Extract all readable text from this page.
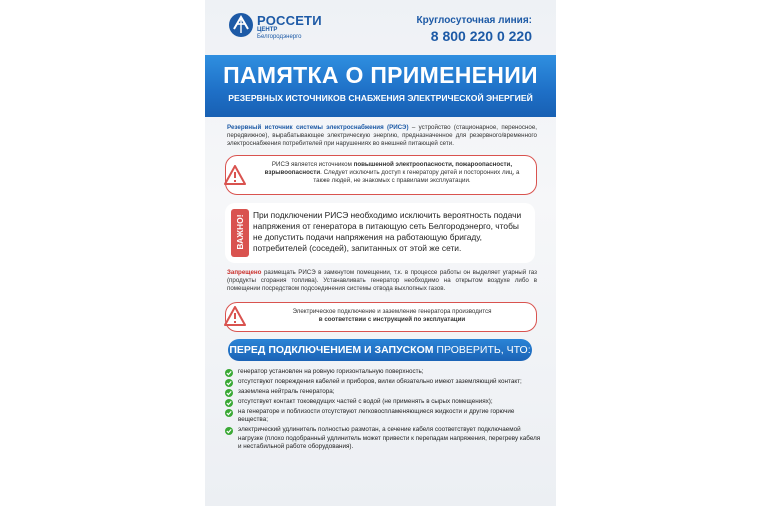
РОССЕТИ
ЦЕНТР
Белгородэнерго
Круглосуточная линия:
8 800 220 0 220
ПАМЯТКА О ПРИМЕНЕНИИ
РЕЗЕРВНЫХ ИСТОЧНИКОВ СНАБЖЕНИЯ ЭЛЕКТРИЧЕСКОЙ ЭНЕРГИЕЙ
Резервный источник системы электроснабжения (РИСЭ) – устройство (стационарное, переносное, передвижное), вырабатывающее электрическую энергию, предназначенное для резервного/временного электроснабжения потребителей при нарушениях во внешней питающей сети.
РИСЭ является источником повышенной электроопасности, пожароопасности, взрывоопасности. Следует исключить доступ к генератору детей и посторонних лиц, а также людей, не знакомых с правилами эксплуатации.
ВАЖНО! При подключении РИСЭ необходимо исключить вероятность подачи напряжения от генератора в питающую сеть Белгородэнерго, чтобы не допустить подачи напряжения на работающую бригаду, потребителей (соседей), запитанных от этой же сети.
Запрещено размещать РИСЭ в замкнутом помещении, т.к. в процессе работы он выделяет угарный газ (продукты сгорания топлива). Устанавливать генератор необходимо на открытом воздухе либо в помещении посредством подсоединения системы отвода выхлопных газов.
Электрическое подключение и заземление генератора производится
в соответствии с инструкцией по эксплуатации
ПЕРЕД ПОДКЛЮЧЕНИЕМ И ЗАПУСКОМ ПРОВЕРИТЬ, ЧТО:
генератор установлен на ровную горизонтальную поверхность;
отсутствуют повреждения кабелей и приборов, вилки обязательно имеют заземляющий контакт;
заземлена нейтраль генератора;
отсутствует контакт токоведущих частей с водой (не применять в сырых помещениях);
на генераторе и поблизости отсутствуют легковоспламеняющиеся жидкости и другие горючие вещества;
электрический удлинитель полностью размотан, а сечение кабеля соответствует подключаемой нагрузке (плохо подобранный удлинитель может привести к перепадам напряжения, перегреву кабеля и нестабильной работе оборудования).
